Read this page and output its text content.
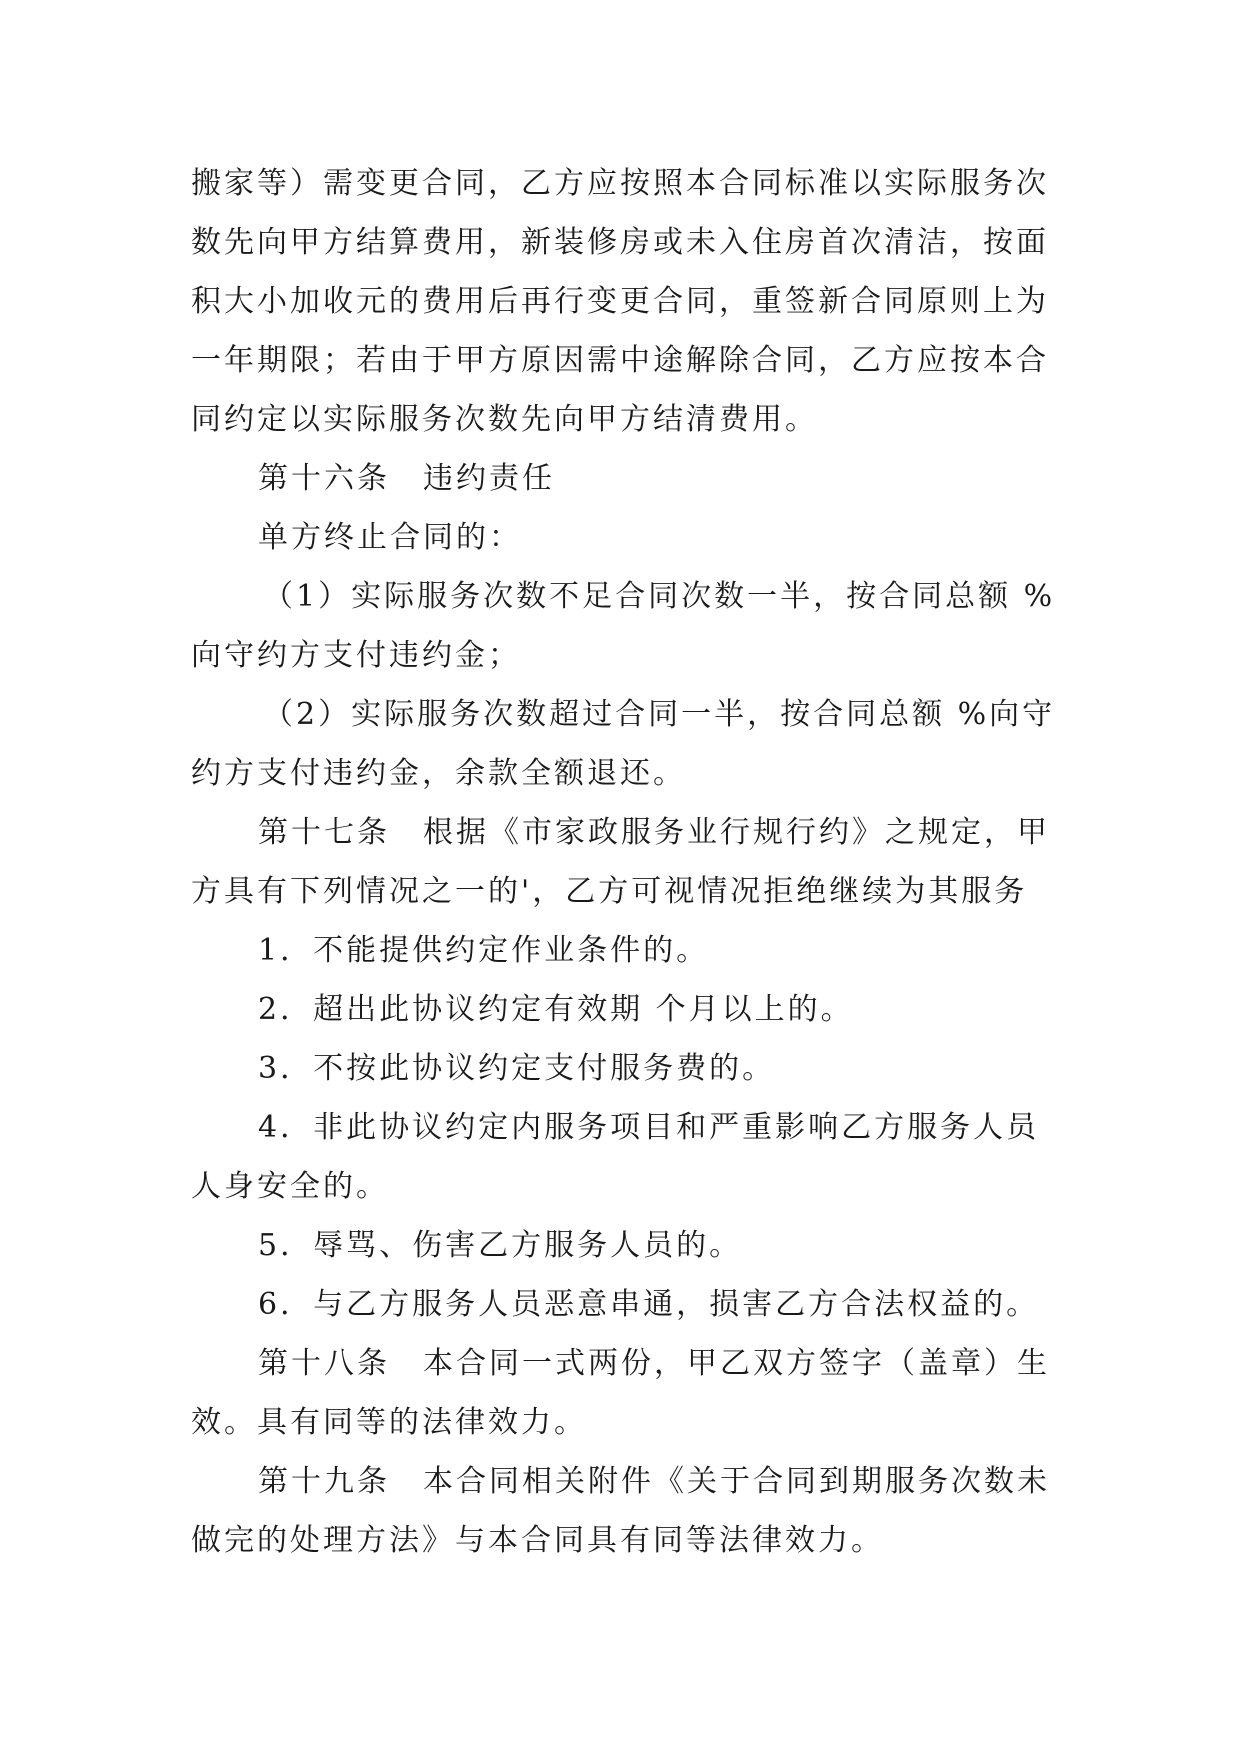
搬家等）需变更合同，乙方应按照本合同标准以实际服务次
数先向甲方结算费用，新装修房或未入住房首次清洁，按面
积大小加收元的费用后再行变更合同，重签新合同原则上为
一年期限；若由于甲方原因需中途解除合同，乙方应按本合
同约定以实际服务次数先向甲方结清费用。
第十六条　违约责任
单方终止合同的：
（1）实际服务次数不足合同次数一半，按合同总额 %
向守约方支付违约金；
（2）实际服务次数超过合同一半，按合同总额 %向守
约方支付违约金，余款全额退还。
第十七条　根据《市家政服务业行规行约》之规定，甲
方具有下列情况之一的'，乙方可视情况拒绝继续为其服务
1．不能提供约定作业条件的。
2．超出此协议约定有效期 个月以上的。
3．不按此协议约定支付服务费的。
4．非此协议约定内服务项目和严重影响乙方服务人员
人身安全的。
5．辱骂、伤害乙方服务人员的。
6．与乙方服务人员恶意串通，损害乙方合法权益的。
第十八条　本合同一式两份，甲乙双方签字（盖章）生
效。具有同等的法律效力。
第十九条　本合同相关附件《关于合同到期服务次数未
做完的处理方法》与本合同具有同等法律效力。
